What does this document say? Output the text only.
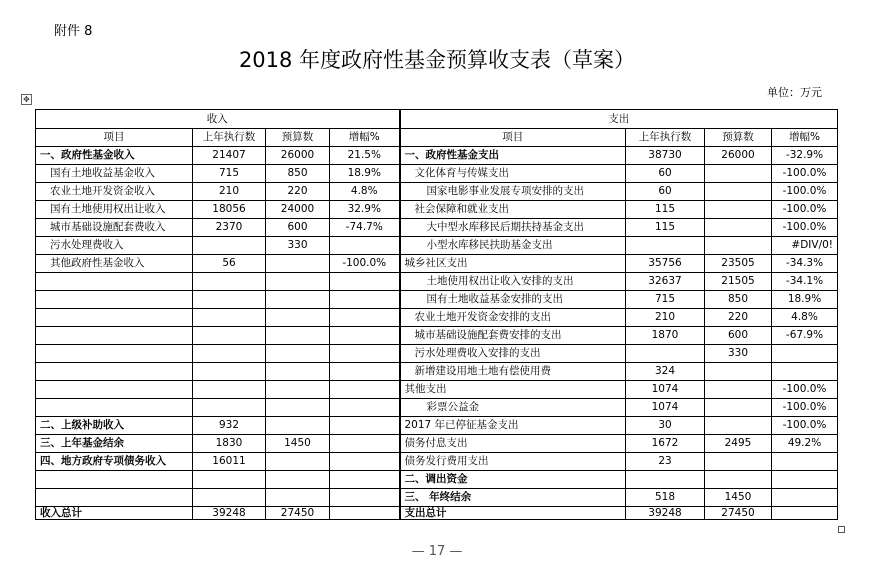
附件 8
2018 年度政府性基金预算收支表（草案）
单位：万元
✥
收入				支出			
项目	上年执行数	预算数	增幅%	项目	上年执行数	预算数	增幅%
一、政府性基金收入	21407	26000	21.5%	一、政府性基金支出	38730	26000	-32.9%
国有土地收益基金收入	715	850	18.9%	文化体育与传媒支出	60		-100.0%
农业土地开发资金收入	210	220	4.8%	国家电影事业发展专项安排的支出	60		-100.0%
国有土地使用权出让收入	18056	24000	32.9%	社会保障和就业支出	115		-100.0%
城市基础设施配套费收入	2370	600	-74.7%	大中型水库移民后期扶持基金支出	115		-100.0%
污水处理费收入		330		小型水库移民扶助基金支出			#DIV/0!
其他政府性基金收入	56		-100.0%	城乡社区支出	35756	23505	-34.3%
				土地使用权出让收入安排的支出	32637	21505	-34.1%
				国有土地收益基金安排的支出	715	850	18.9%
				农业土地开发资金安排的支出	210	220	4.8%
				城市基础设施配套费安排的支出	1870	600	-67.9%
				污水处理费收入安排的支出		330	
				新增建设用地土地有偿使用费	324		
				其他支出	1074		-100.0%
				彩票公益金	1074		-100.0%
二、上级补助收入	932			2017 年已停征基金支出	30		-100.0%
三、上年基金结余	1830	1450		债务付息支出	1672	2495	49.2%
四、地方政府专项债务收入	16011			债务发行费用支出	23		
				二、调出资金			
				三、 年终结余	518	1450	
收入总计	39248	27450		支出总计	39248	27450	
— 17 —
